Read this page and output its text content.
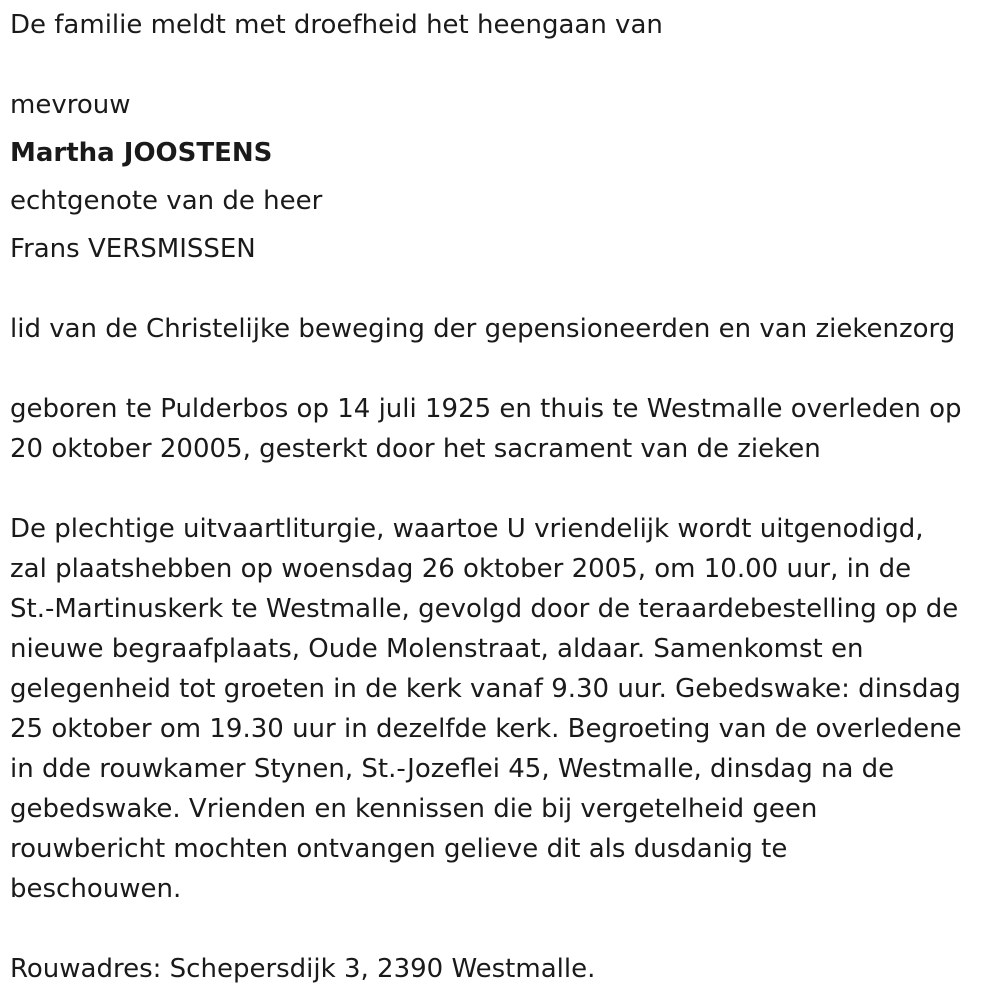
De familie meldt met droefheid het heengaan van
mevrouw
Martha JOOSTENS
echtgenote van de heer
Frans VERSMISSEN
lid van de Christelijke beweging der gepensioneerden en van ziekenzorg
geboren te Pulderbos op 14 juli 1925 en thuis te Westmalle overleden op
20 oktober 20005, gesterkt door het sacrament van de zieken
De plechtige uitvaartliturgie, waartoe U vriendelijk wordt uitgenodigd,
zal plaatshebben op woensdag 26 oktober 2005, om 10.00 uur, in de
St.-Martinuskerk te Westmalle, gevolgd door de teraardebestelling op de
nieuwe begraafplaats, Oude Molenstraat, aldaar. Samenkomst en
gelegenheid tot groeten in de kerk vanaf 9.30 uur. Gebedswake: dinsdag
25 oktober om 19.30 uur in dezelfde kerk. Begroeting van de overledene
in dde rouwkamer Stynen, St.-Jozeflei 45, Westmalle, dinsdag na de
gebedswake. Vrienden en kennissen die bij vergetelheid geen
rouwbericht mochten ontvangen gelieve dit als dusdanig te
beschouwen.
Rouwadres: Schepersdijk 3, 2390 Westmalle.
